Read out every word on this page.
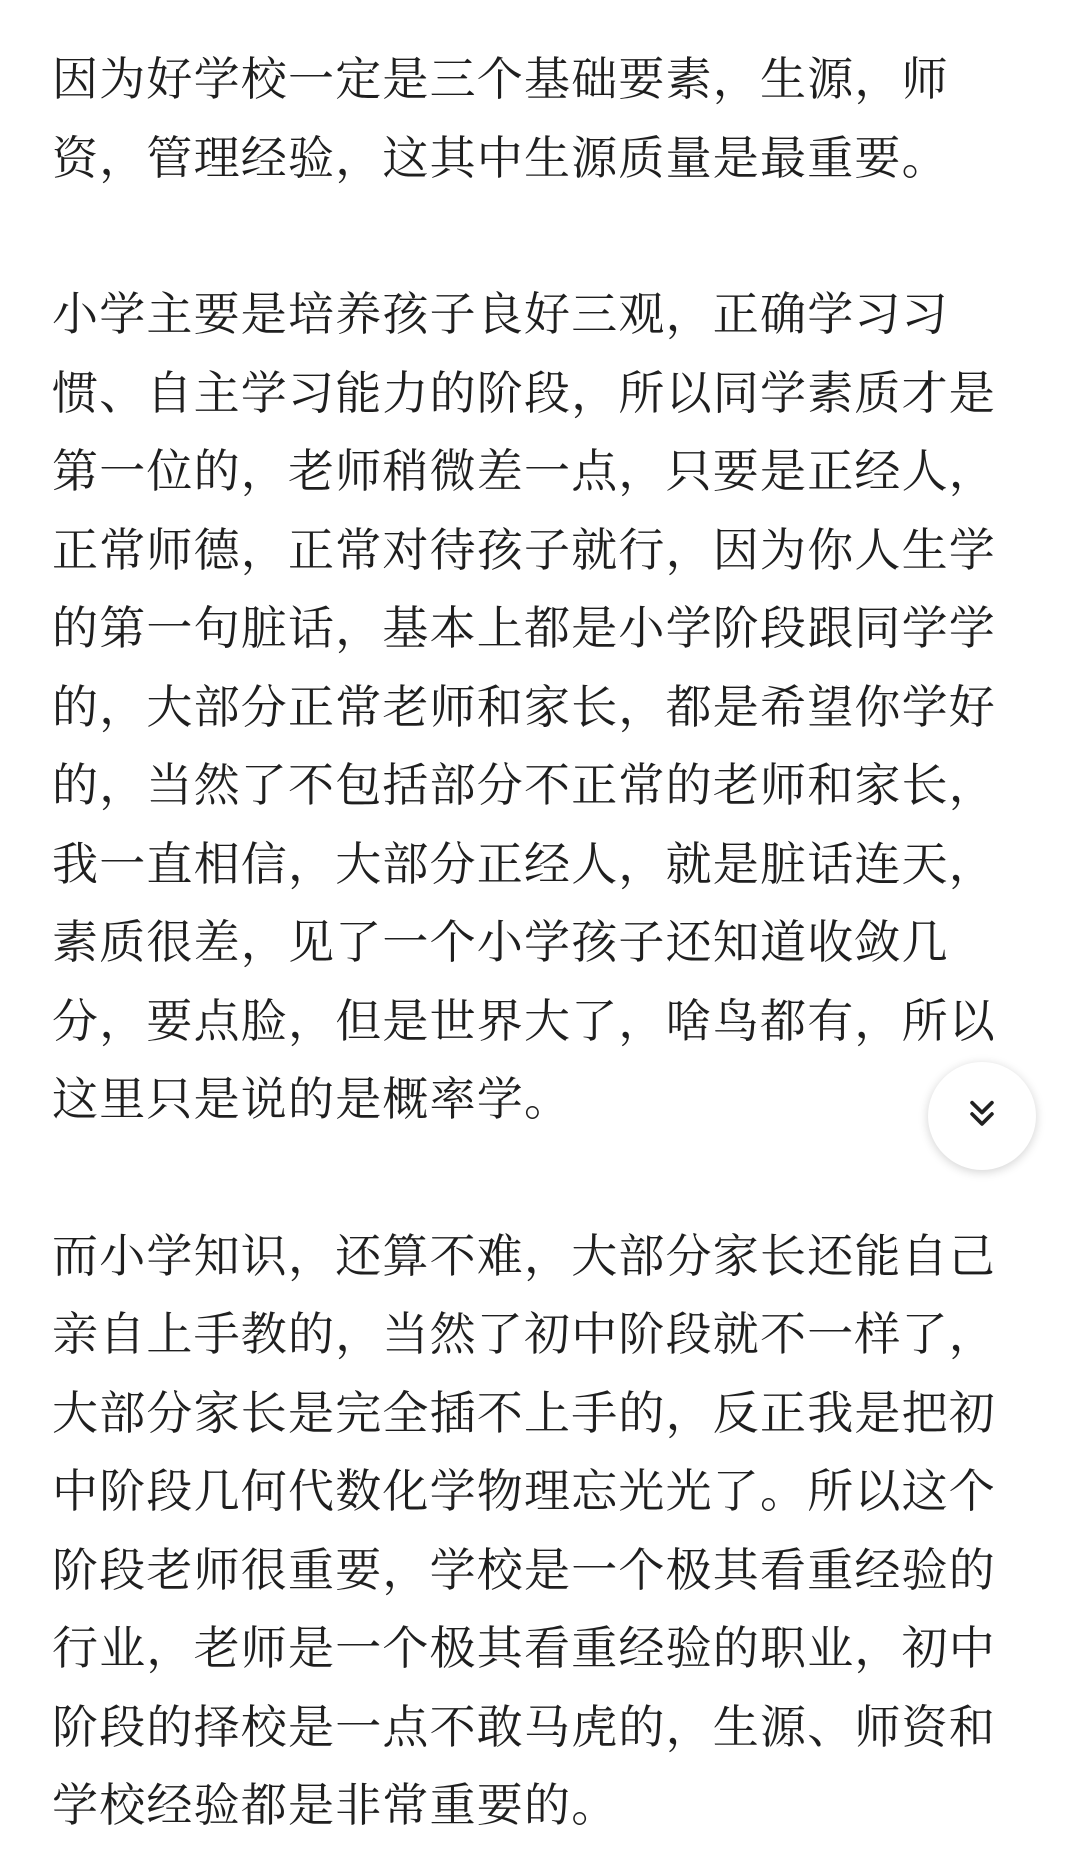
因为好学校一定是三个基础要素，生源，师资，管理经验，这其中生源质量是最重要。

小学主要是培养孩子良好三观，正确学习习惯、自主学习能力的阶段，所以同学素质才是第一位的，老师稍微差一点，只要是正经人，正常师德，正常对待孩子就行，因为你人生学的第一句脏话，基本上都是小学阶段跟同学学的，大部分正常老师和家长，都是希望你学好的，当然了不包括部分不正常的老师和家长，我一直相信，大部分正经人，就是脏话连天，素质很差，见了一个小学孩子还知道收敛几分，要点脸，但是世界大了，啥鸟都有，所以这里只是说的是概率学。

而小学知识，还算不难，大部分家长还能自己亲自上手教的，当然了初中阶段就不一样了，大部分家长是完全插不上手的，反正我是把初中阶段几何代数化学物理忘光光了。所以这个阶段老师很重要，学校是一个极其看重经验的行业，老师是一个极其看重经验的职业，初中阶段的择校是一点不敢马虎的，生源、师资和学校经验都是非常重要的。
